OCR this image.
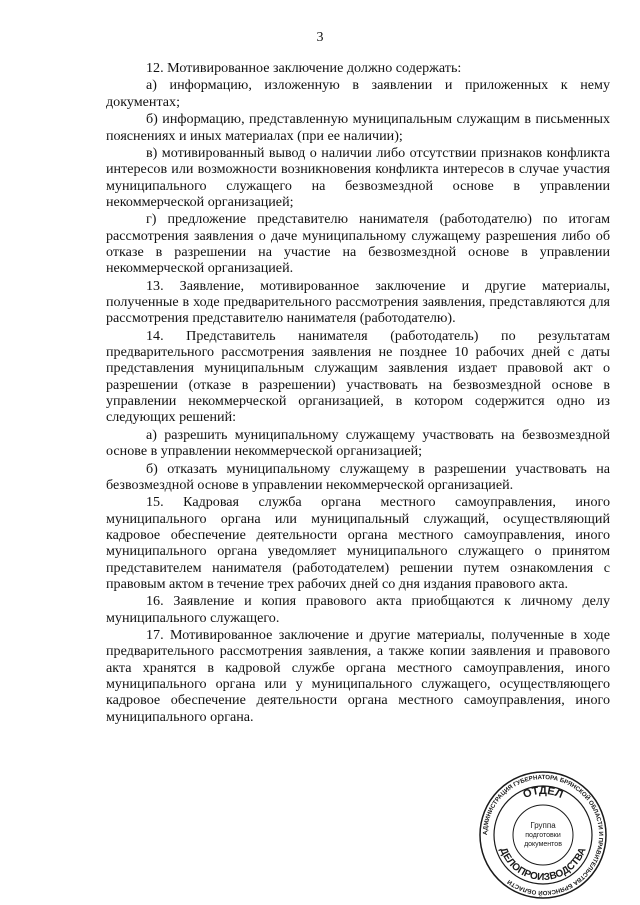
3

12. Мотивированное заключение должно содержать:

а) информацию, изложенную в заявлении и приложенных к нему документах;

б) информацию, представленную муниципальным служащим в письменных пояснениях и иных материалах (при ее наличии);

в) мотивированный вывод о наличии либо отсутствии признаков конфликта интересов или возможности возникновения конфликта интересов в случае участия муниципального служащего на безвозмездной основе в управлении некоммерческой организацией;

г) предложение представителю нанимателя (работодателю) по итогам рассмотрения заявления о даче муниципальному служащему разрешения либо об отказе в разрешении на участие на безвозмездной основе в управлении некоммерческой организацией.

13. Заявление, мотивированное заключение и другие материалы, полученные в ходе предварительного рассмотрения заявления, представляются для рассмотрения представителю нанимателя (работодателю).

14. Представитель нанимателя (работодатель) по результатам предварительного рассмотрения заявления не позднее 10 рабочих дней с даты представления муниципальным служащим заявления издает правовой акт о разрешении (отказе в разрешении) участвовать на безвозмездной основе в управлении некоммерческой организацией, в котором содержится одно из следующих решений:

а) разрешить муниципальному служащему участвовать на безвозмездной основе в управлении некоммерческой организацией;

б) отказать муниципальному служащему в разрешении участвовать на безвозмездной основе в управлении некоммерческой организацией.

15. Кадровая служба органа местного самоуправления, иного муниципального органа или муниципальный служащий, осуществляющий кадровое обеспечение деятельности органа местного самоуправления, иного муниципального органа уведомляет муниципального служащего о принятом представителем нанимателя (работодателем) решении путем ознакомления с правовым актом в течение трех рабочих дней со дня издания правового акта.

16. Заявление и копия правового акта приобщаются к личному делу муниципального служащего.

17. Мотивированное заключение и другие материалы, полученные в ходе предварительного рассмотрения заявления, а также копии заявления и правового акта хранятся в кадровой службе органа местного самоуправления, иного муниципального органа или у муниципального служащего, осуществляющего кадровое обеспечение деятельности органа местного самоуправления, иного муниципального органа.

АДМИНИСТРАЦИЯ ГУБЕРНАТОРА БРЯНСКОЙ ОБЛАСТИ И ПРАВИТЕЛЬСТВА БРЯНСКОЙ ОБЛАСТИ
ОТДЕЛ
ДЕЛОПРОИЗВОДСТВА
Группа
подготовки
документов
